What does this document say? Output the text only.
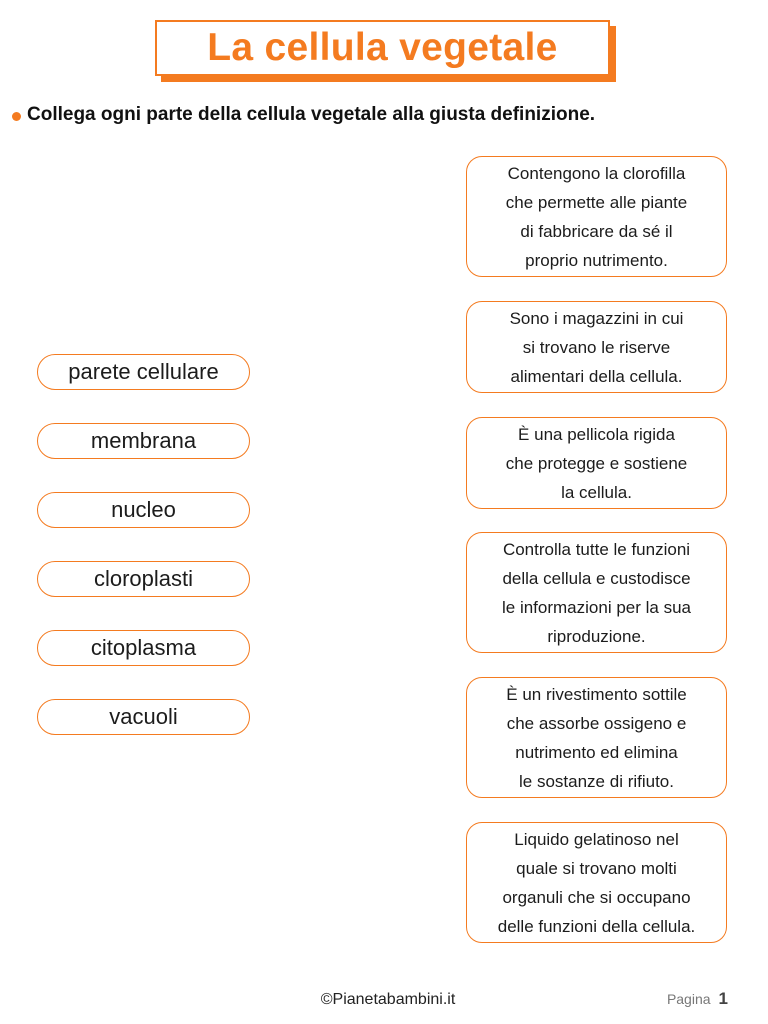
La cellula vegetale
Collega ogni parte della cellula vegetale alla giusta definizione.
parete cellulare
membrana
nucleo
cloroplasti
citoplasma
vacuoli
Contengono la clorofilla
che permette alle piante
di fabbricare da sé il
proprio nutrimento.
Sono i magazzini in cui
si trovano le riserve
alimentari della cellula.
È una pellicola rigida
che protegge e sostiene
la cellula.
Controlla tutte le funzioni
della cellula e custodisce
le informazioni per la sua
riproduzione.
È un rivestimento sottile
che assorbe ossigeno e
nutrimento ed elimina
le sostanze di rifiuto.
Liquido gelatinoso nel
quale si trovano molti
organuli che si occupano
delle funzioni della cellula.
©Pianetabambini.it	Pagina 1
